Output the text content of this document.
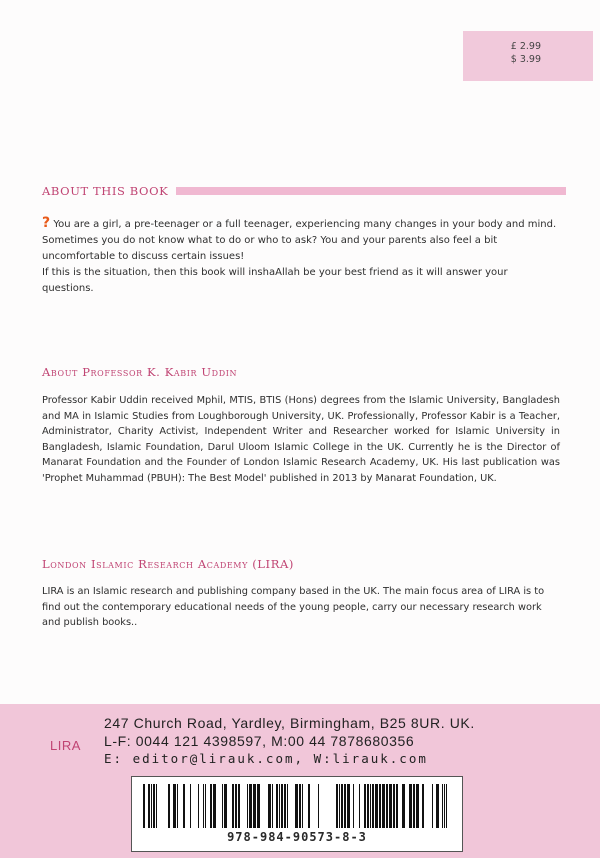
£ 2.99
$ 3.99
ABOUT THIS BOOK

? You are a girl, a pre-teenager or a full teenager, experiencing many changes in your body and mind. Sometimes you do not know what to do or who to ask? You and your parents also feel a bit uncomfortable to discuss certain issues!

If this is the situation, then this book will inshaAllah be your best friend as it will answer your questions.

About Professor K. Kabir Uddin

Professor Kabir Uddin received Mphil, MTIS, BTIS (Hons) degrees from the Islamic University, Bangladesh and MA in Islamic Studies from Loughborough University, UK. Professionally, Professor Kabir is a Teacher, Administrator, Charity Activist, Independent Writer and Researcher worked for Islamic University in Bangladesh, Islamic Foundation, Darul Uloom Islamic College in the UK. Currently he is the Director of Manarat Foundation and the Founder of London Islamic Research Academy, UK. His last publication was 'Prophet Muhammad (PBUH): The Best Model' published in 2013 by Manarat Foundation, UK.

London Islamic Research Academy (LIRA)

LIRA is an Islamic research and publishing company based in the UK. The main focus area of LIRA is to find out the contemporary educational needs of the young people, carry our necessary research work and publish books..

LIRA
247 Church Road, Yardley, Birmingham, B25 8UR. UK.
L-F: 0044 121 4398597, M:00 44 7878680356
E: editor@lirauk.com, W:lirauk.com
978-984-90573-8-3
